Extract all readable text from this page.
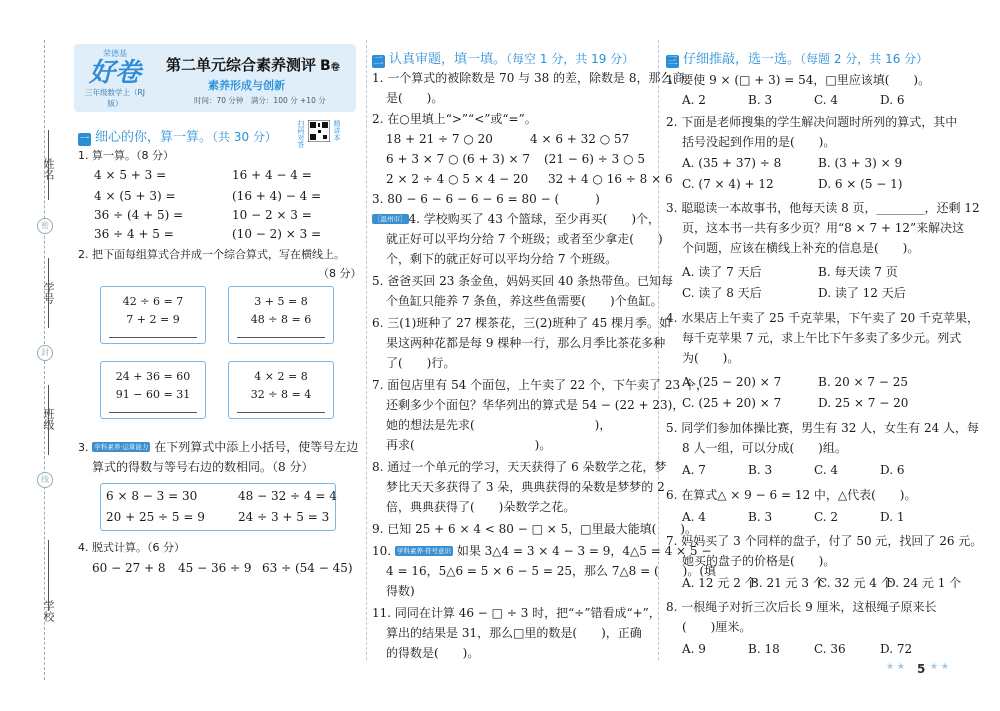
姓名
密
学号
封
班级
线
学校
荣德基
好卷
三年级数学上（RJ版）
第二单元综合素养测评 B卷
素养形成与创新
时间：70 分钟　满分：100 分 +10 分
扫码对答	精讲本
一 细心的你，算一算。（共 30 分）
1. 算一算。（8 分）
4 × 5 + 3 =	16 + 4 − 4 =
4 × (5 + 3) =	(16 + 4) − 4 =
36 ÷ (4 + 5) =	10 − 2 × 3 =
36 ÷ 4 + 5 =	(10 − 2) × 3 =
2. 把下面每组算式合并成一个综合算式，写在横线上。
（8 分）
42 ÷ 6 = 7
7 + 2 = 9
3 + 5 = 8
48 ÷ 8 = 6
24 + 36 = 60
91 − 60 = 31
4 × 2 = 8
32 ÷ 8 = 4
3. 学科素养·运算能力 在下列算式中添上小括号，使等号左边
算式的得数与等号右边的数相同。（8 分）
6 × 8 − 3 = 30	48 − 32 ÷ 4 = 4
20 + 25 ÷ 5 = 9	24 ÷ 3 + 5 = 3
4. 脱式计算。（6 分）
60 − 27 + 8 45 − 36 ÷ 9 63 ÷ (54 − 45)
二 认真审题，填一填。（每空 1 分，共 19 分）
1. 一个算式的被除数是 70 与 38 的差，除数是 8，那么商
是(　　)。
2. 在○里填上“>”“<”或“=”。
18 + 21 ÷ 7 ○ 20	4 × 6 + 32 ○ 57
6 + 3 × 7 ○ (6 + 3) × 7 (21 − 6) ÷ 3 ○ 5
2 × 2 ÷ 4 ○ 5 × 4 − 20 32 + 4 ○ 16 ÷ 8 × 6
3. 80 − 6 − 6 − 6 − 6 = 80 − (　　　)
［温州市］ 4. 学校购买了 43 个篮球，至少再买(　　)个，
就正好可以平均分给 7 个班级；或者至少拿走(　　)
个，剩下的就正好可以平均分给 7 个班级。
5. 爸爸买回 23 条金鱼，妈妈买回 40 条热带鱼。已知每
个鱼缸只能养 7 条鱼，养这些鱼需要(　　)个鱼缸。
6. 三(1)班种了 27 棵茶花，三(2)班种了 45 棵月季。如
果这两种花都是每 9 棵种一行，那么月季比茶花多种
了(　　)行。
7. 面包店里有 54 个面包，上午卖了 22 个，下午卖了 23 个，
还剩多少个面包？华华列出的算式是 54 − (22 + 23)，
她的想法是先求(　　　　　　　　　　)，
再求(　　　　　　　　　　)。
8. 通过一个单元的学习，天天获得了 6 朵数学之花，梦
梦比天天多获得了 3 朵，典典获得的朵数是梦梦的 2
倍，典典获得了(　　)朵数学之花。
9. 已知 25 + 6 × 4 < 80 − □ × 5，□里最大能填(　　)。
10. 学科素养·符号意识 如果 3△4 = 3 × 4 − 3 = 9，4△5 = 4 × 5 −
4 = 16，5△6 = 5 × 6 − 5 = 25，那么 7△8 = (　　)。(填
得数)
11. 同同在计算 46 − □ ÷ 3 时，把“÷”错看成“+”，
算出的结果是 31，那么□里的数是(　　)，正确
的得数是(　　)。
三 仔细推敲，选一选。（每题 2 分，共 16 分）
1. 要使 9 × (□ + 3) = 54，□里应该填(　　)。
A. 2	B. 3	C. 4	D. 6
2. 下面是老师搜集的学生解决问题时所列的算式，其中
括号没起到作用的是(　　)。
A. (35 + 37) ÷ 8	B. (3 + 3) × 9
C. (7 × 4) + 12	D. 6 × (5 − 1)
3. 聪聪读一本故事书，他每天读 8 页，________，还剩 12
页，这本书一共有多少页？用“8 × 7 + 12”来解决这
个问题，应该在横线上补充的信息是(　　)。
A. 读了 7 天后	B. 每天读 7 页
C. 读了 8 天后	D. 读了 12 天后
4. 水果店上午卖了 25 千克苹果，下午卖了 20 千克苹果，
每千克苹果 7 元，求上午比下午多卖了多少元。列式
为(　　)。
A. (25 − 20) × 7	B. 20 × 7 − 25
C. (25 + 20) × 7	D. 25 × 7 − 20
5. 同学们参加体操比赛，男生有 32 人，女生有 24 人，每
8 人一组，可以分成(　　)组。
A. 7	B. 3	C. 4	D. 6
6. 在算式△ × 9 − 6 = 12 中，△代表(　　)。
A. 4	B. 3	C. 2	D. 1
7. 妈妈买了 3 个同样的盘子，付了 50 元，找回了 26 元。
她买的盘子的价格是(　　)。
A. 12 元 2 个
B. 21 元 3 个
C. 32 元 4 个
D. 24 元 1 个
8. 一根绳子对折三次后长 9 厘米，这根绳子原来长
(　　)厘米。
A. 9	B. 18	C. 36	D. 72
★ ★ 5 ★ ★
